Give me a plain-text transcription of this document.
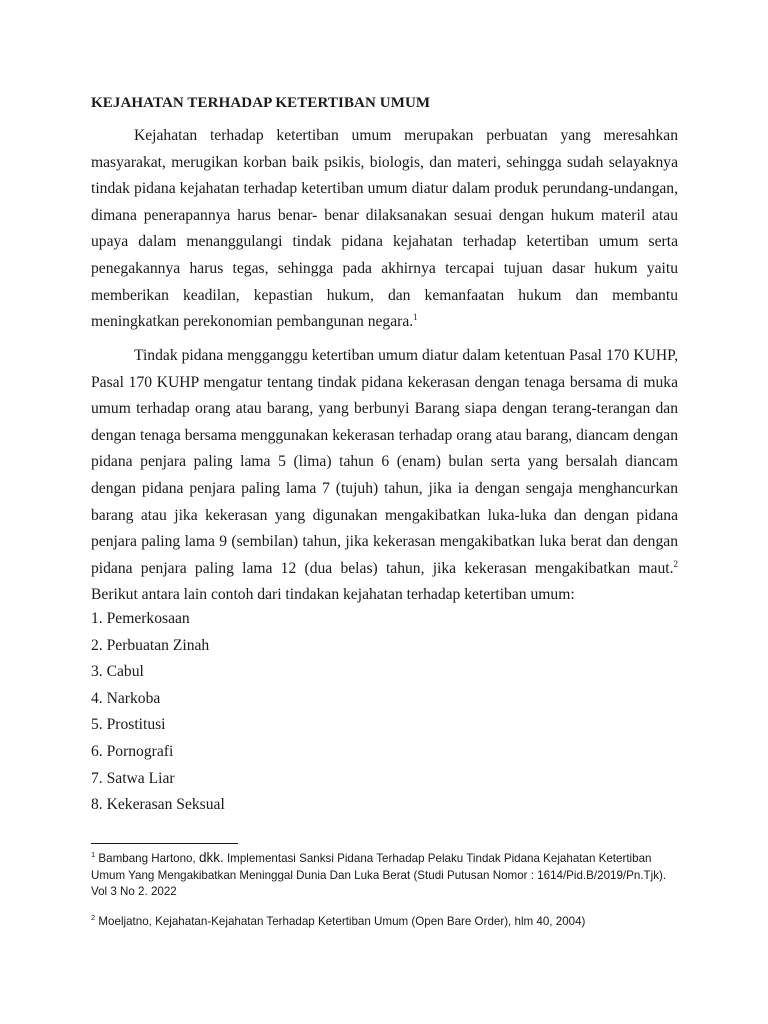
KEJAHATAN TERHADAP KETERTIBAN UMUM

Kejahatan terhadap ketertiban umum merupakan perbuatan yang meresahkan masyarakat, merugikan korban baik psikis, biologis, dan materi, sehingga sudah selayaknya tindak pidana kejahatan terhadap ketertiban umum diatur dalam produk perundang-undangan, dimana penerapannya harus benar- benar dilaksanakan sesuai dengan hukum materil atau upaya dalam menanggulangi tindak pidana kejahatan terhadap ketertiban umum serta penegakannya harus tegas, sehingga pada akhirnya tercapai tujuan dasar hukum yaitu memberikan keadilan, kepastian hukum, dan kemanfaatan hukum dan membantu meningkatkan perekonomian pembangunan negara.$^1$

Tindak pidana mengganggu ketertiban umum diatur dalam ketentuan Pasal 170 KUHP, Pasal 170 KUHP mengatur tentang tindak pidana kekerasan dengan tenaga bersama di muka umum terhadap orang atau barang, yang berbunyi Barang siapa dengan terang-terangan dan dengan tenaga bersama menggunakan kekerasan terhadap orang atau barang, diancam dengan pidana penjara paling lama 5 (lima) tahun 6 (enam) bulan serta yang bersalah diancam dengan pidana penjara paling lama 7 (tujuh) tahun, jika ia dengan sengaja menghancurkan barang atau jika kekerasan yang digunakan mengakibatkan luka-luka dan dengan pidana penjara paling lama 9 (sembilan) tahun, jika kekerasan mengakibatkan luka berat dan dengan pidana penjara paling lama 12 (dua belas) tahun, jika kekerasan mengakibatkan maut.$^2$ Berikut antara lain contoh dari tindakan kejahatan terhadap ketertiban umum:

1. Pemerkosaan
2. Perbuatan Zinah
3. Cabul
4. Narkoba
5. Prostitusi
6. Pornografi
7. Satwa Liar
8. Kekerasan Seksual

$^1$ Bambang Hartono, dkk. Implementasi Sanksi Pidana Terhadap Pelaku Tindak Pidana Kejahatan Ketertiban Umum Yang Mengakibatkan Meninggal Dunia Dan Luka Berat (Studi Putusan Nomor : 1614/Pid.B/2019/Pn.Tjk). Vol 3 No 2. 2022

$^2$ Moeljatno, Kejahatan-Kejahatan Terhadap Ketertiban Umum (Open Bare Order), hlm 40, 2004)
